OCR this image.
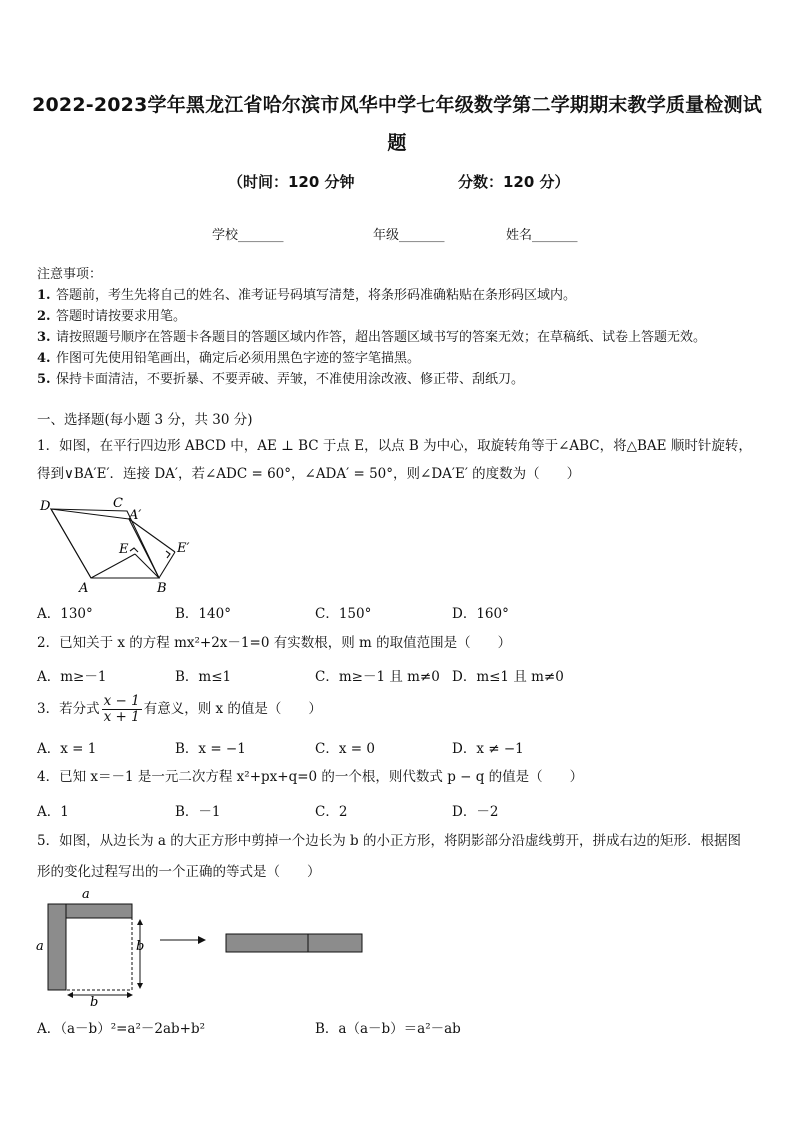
2022-2023学年黑龙江省哈尔滨市风华中学七年级数学第二学期期末教学质量检测试
题
（时间：120 分钟	分数：120 分）
学校_______	年级_______	姓名_______
注意事项：
1. 答题前，考生先将自己的姓名、准考证号码填写清楚，将条形码准确粘贴在条形码区域内。
2. 答题时请按要求用笔。
3. 请按照题号顺序在答题卡各题目的答题区域内作答，超出答题区域书写的答案无效；在草稿纸、试卷上答题无效。
4. 作图可先使用铅笔画出，确定后必须用黑色字迹的签字笔描黑。
5. 保持卡面清洁，不要折暴、不要弄破、弄皱，不准使用涂改液、修正带、刮纸刀。
一、选择题(每小题 3 分，共 30 分)
1．如图，在平行四边形 ABCD 中，AE ⊥ BC 于点 E，以点 B 为中心，取旋转角等于∠ABC，将△BAE 顺时针旋转，
得到∨BA′E′．连接 DA′，若∠ADC = 60°，∠ADA′ = 50°，则∠DA′E′ 的度数为（　　）
D	C
A′
E	E′
A	B
A．130°	B．140°	C．150°	D．160°
2．已知关于 x 的方程 mx²+2x－1=0 有实数根，则 m 的取值范围是（　　）
A．m≥－1	B．m≤1	C．m≥－1 且 m≠0 D．m≤1 且 m≠0
3．若分式 $\frac{x - 1}{x + 1}$ 有意义，则 x 的值是（　　）
A．x = 1	B．x = −1	C．x = 0	D．x ≠ −1
4．已知 x＝－1 是一元二次方程 x²+px+q=0 的一个根，则代数式 p − q 的值是（　　）
A．1	B．－1	C．2	D．－2
5．如图，从边长为 a 的大正方形中剪掉一个边长为 b 的小正方形，将阴影部分沿虚线剪开，拼成右边的矩形．根据图
形的变化过程写出的一个正确的等式是（　　）
a
a	b
b
A．（a－b）²=a²－2ab+b²	B．a（a－b）＝a²－ab
